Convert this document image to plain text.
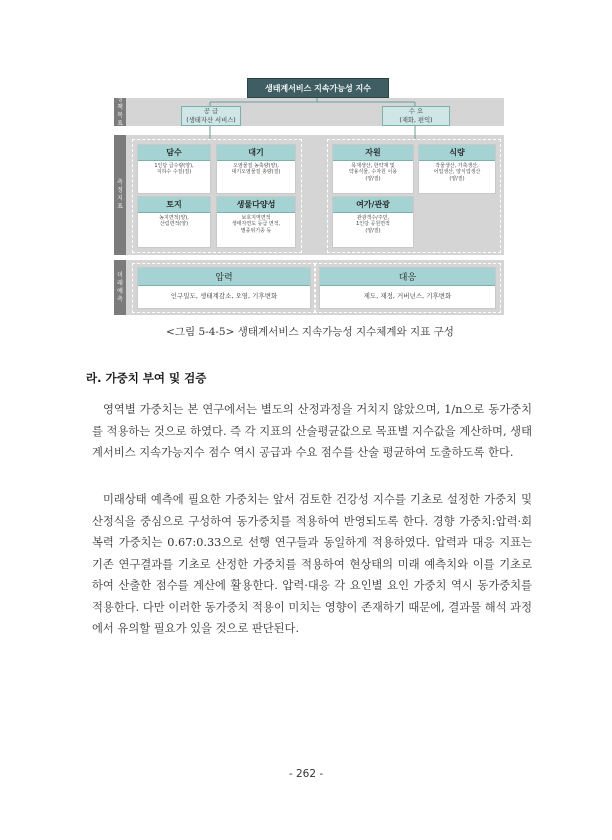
정
책
목
표
측
정
지
표
미
래
예
측
생태계서비스 지속가능성 지수
공 급
(생태자산 서비스)
수 요
(재화, 편익)
담수
1인당 급수량(양),
지하수 수질(질)
대기
오염물질 농축량(양),
대기오염물질 총량(질)
토지
농지면적(양),
산림면적(양)
생물다양성
보호지역면적
생태자연도 등급 면적,
멸종위기종 등
자원
목재생산, 한약재 및
약용식물, 수자원 이용
(양/질)
식량
작물생산, 가축생산,
어업생산, 양식업생산
(양/질)
여가/관광
관광객수/주민,
1인당 공원면적
(양/질)
압력
인구밀도, 생태계감소, 오염, 기후변화
대응
제도, 재정, 거버넌스, 기후변화
<그림 5-4-5> 생태계서비스 지속가능성 지수체계와 지표 구성
라. 가중치 부여 및 검증

영역별 가중치는 본 연구에서는 별도의 산정과정을 거치지 않았으며, 1/n으로 동가중치를 적용하는 것으로 하였다. 즉 각 지표의 산술평균값으로 목표별 지수값을 계산하며, 생태계서비스 지속가능지수 점수 역시 공급과 수요 점수를 산술 평균하여 도출하도록 한다.

미래상태 예측에 필요한 가중치는 앞서 검토한 건강성 지수를 기초로 설정한 가중치 및 산정식을 중심으로 구성하여 동가중치를 적용하여 반영되도록 한다. 경향 가중치:압력·회복력 가중치는 0.67:0.33으로 선행 연구들과 동일하게 적용하였다. 압력과 대응 지표는 기존 연구결과를 기초로 산정한 가중치를 적용하여 현상태의 미래 예측치와 이를 기초로 하여 산출한 점수를 계산에 활용한다. 압력·대응 각 요인별 요인 가중치 역시 동가중치를 적용한다. 다만 이러한 동가중치 적용이 미치는 영향이 존재하기 때문에, 결과물 해석 과정에서 유의할 필요가 있을 것으로 판단된다.

- 262 -
